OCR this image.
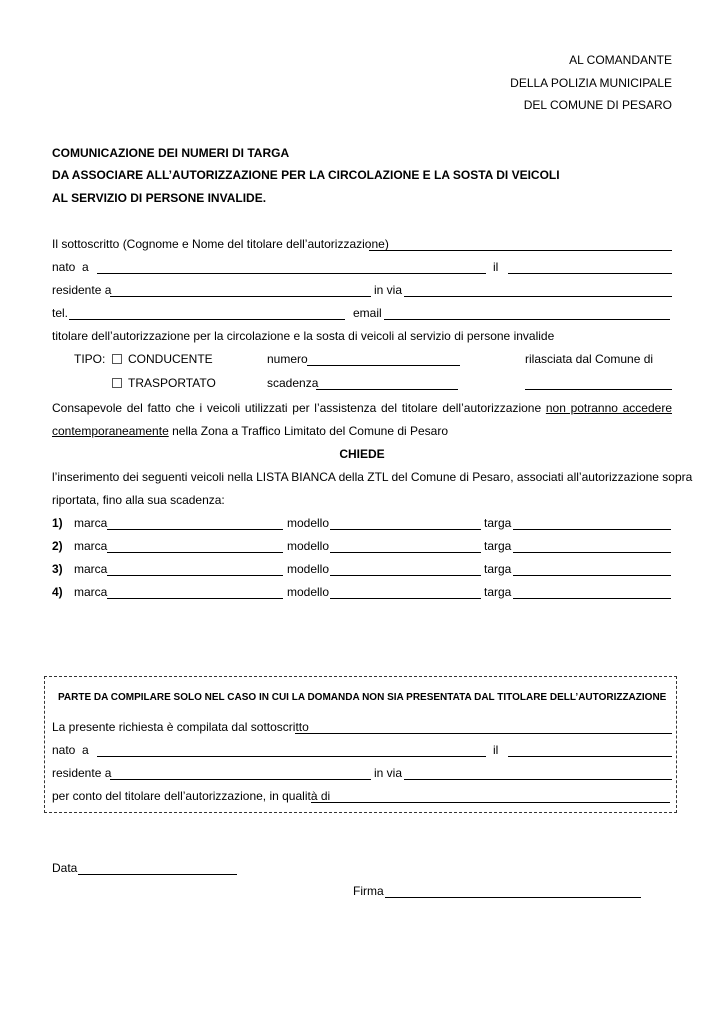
AL COMANDANTE
DELLA POLIZIA MUNICIPALE
DEL COMUNE DI PESARO
COMUNICAZIONE DEI NUMERI DI TARGA
DA ASSOCIARE ALL’AUTORIZZAZIONE PER LA CIRCOLAZIONE E LA SOSTA DI VEICOLI
AL SERVIZIO DI PERSONE INVALIDE.
Il sottoscritto (Cognome e Nome del titolare dell’autorizzazione)
nato a	il
residente a	in via
tel.	email
titolare dell’autorizzazione per la circolazione e la sosta di veicoli al servizio di persone invalide
TIPO:	CONDUCENTE	numero	rilasciata dal Comune di
TRASPORTATO	scadenza
Consapevole del fatto che i veicoli utilizzati per l’assistenza del titolare dell’autorizzazione non potranno accedere
contemporaneamente nella Zona a Traffico Limitato del Comune di Pesaro
CHIEDE
l’inserimento dei seguenti veicoli nella LISTA BIANCA della ZTL del Comune di Pesaro, associati all’autorizzazione sopra
riportata, fino alla sua scadenza:
1) marca	modello	targa
2) marca	modello	targa
3) marca	modello	targa
4) marca	modello	targa
PARTE DA COMPILARE SOLO NEL CASO IN CUI LA DOMANDA NON SIA PRESENTATA DAL TITOLARE DELL’AUTORIZZAZIONE
La presente richiesta è compilata dal sottoscritto
nato a	il
residente a	in via
per conto del titolare dell’autorizzazione, in qualità di
Data
Firma
